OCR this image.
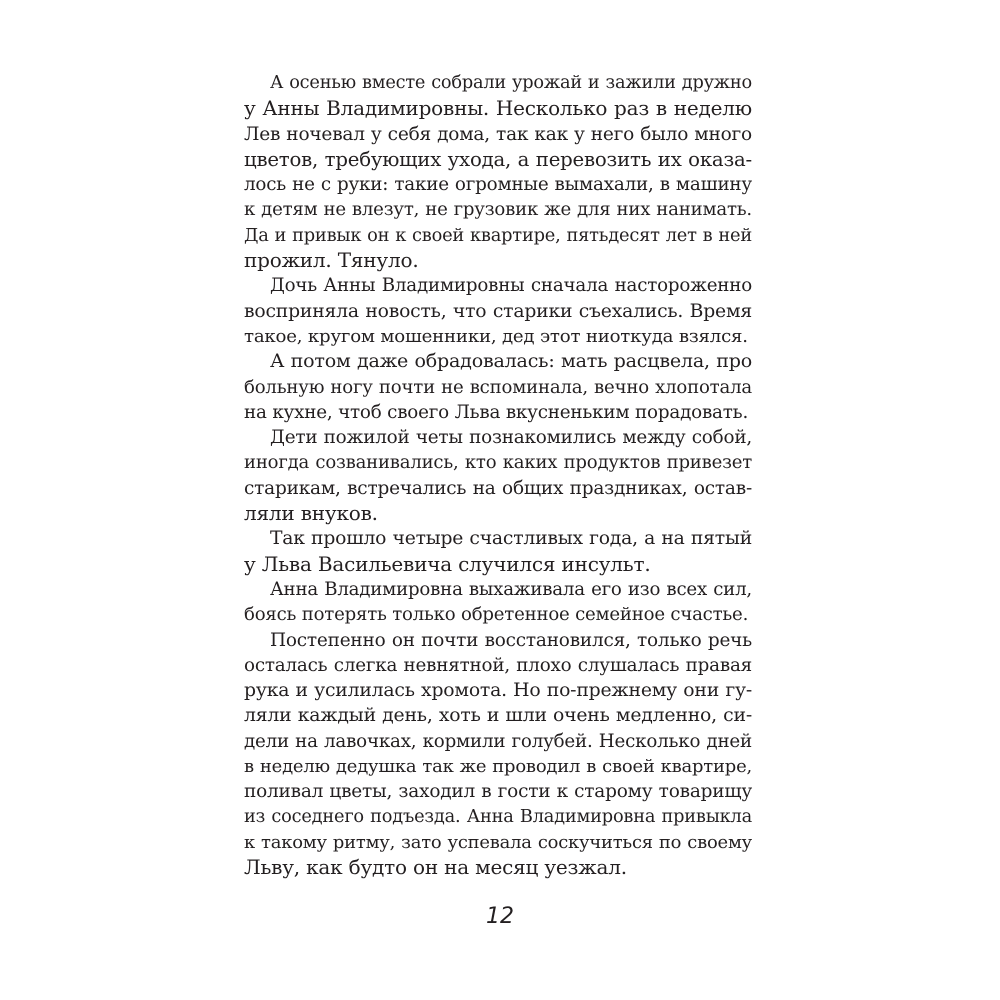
А осенью вместе собрали урожай и зажили дружно
у Анны Владимировны. Несколько раз в неделю
Лев ночевал у себя дома, так как у него было много
цветов, требующих ухода, а перевозить их оказа-
лось не с руки: такие огромные вымахали, в машину
к детям не влезут, не грузовик же для них нанимать.
Да и привык он к своей квартире, пятьдесят лет в ней
прожил. Тянуло.
Дочь Анны Владимировны сначала настороженно
восприняла новость, что старики съехались. Время
такое, кругом мошенники, дед этот ниоткуда взялся.
А потом даже обрадовалась: мать расцвела, про
больную ногу почти не вспоминала, вечно хлопотала
на кухне, чтоб своего Льва вкусненьким порадовать.
Дети пожилой четы познакомились между собой,
иногда созванивались, кто каких продуктов привезет
старикам, встречались на общих праздниках, остав-
ляли внуков.
Так прошло четыре счастливых года, а на пятый
у Льва Васильевича случился инсульт.
Анна Владимировна выхаживала его изо всех сил,
боясь потерять только обретенное семейное счастье.
Постепенно он почти восстановился, только речь
осталась слегка невнятной, плохо слушалась правая
рука и усилилась хромота. Но по-прежнему они гу-
ляли каждый день, хоть и шли очень медленно, си-
дели на лавочках, кормили голубей. Несколько дней
в неделю дедушка так же проводил в своей квартире,
поливал цветы, заходил в гости к старому товарищу
из соседнего подъезда. Анна Владимировна привыкла
к такому ритму, зато успевала соскучиться по своему
Льву, как будто он на месяц уезжал.
12
